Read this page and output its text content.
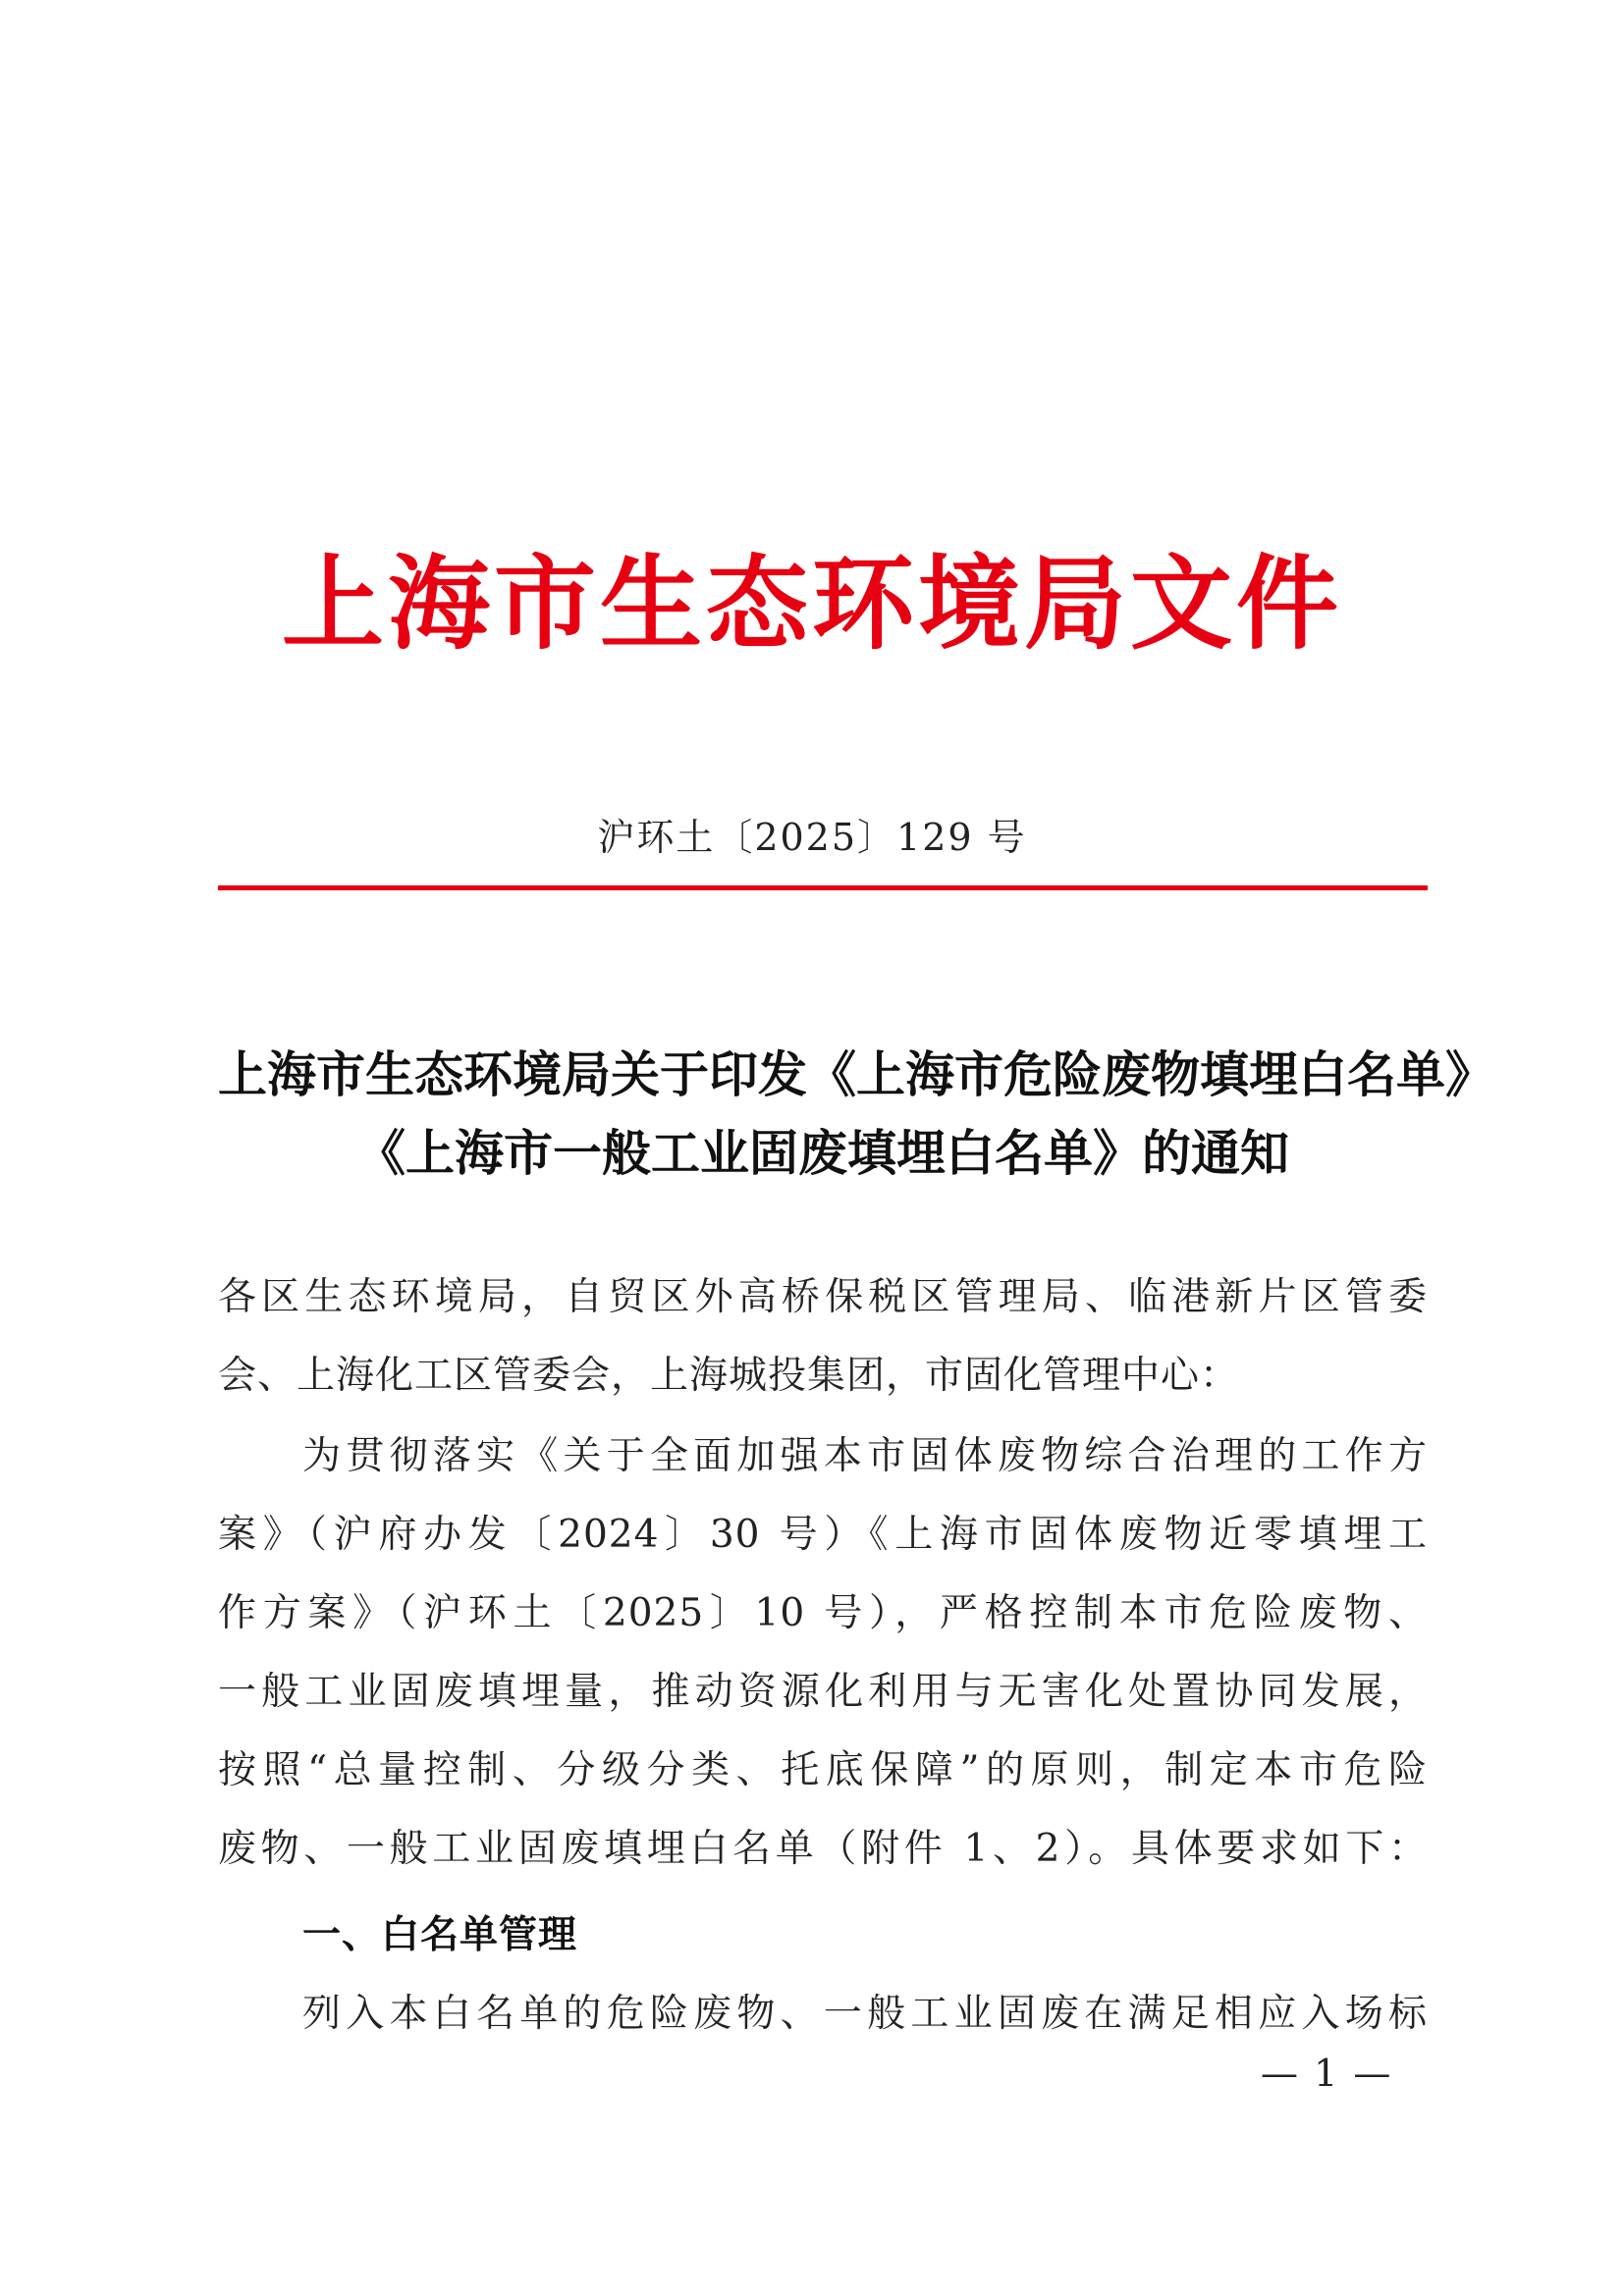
上海市生态环境局文件
沪环土〔2025〕129 号
上海市生态环境局关于印发《上海市危险废物填埋白名单》
《上海市一般工业固废填埋白名单》的通知
各区生态环境局，自贸区外高桥保税区管理局、临港新片区管委
会、上海化工区管委会，上海城投集团，市固化管理中心：
为贯彻落实《关于全面加强本市固体废物综合治理的工作方
案》（沪府办发〔2024〕30 号）《上海市固体废物近零填埋工
作方案》（沪环土〔2025〕10 号），严格控制本市危险废物、
一般工业固废填埋量，推动资源化利用与无害化处置协同发展，
按照“总量控制、分级分类、托底保障”的原则，制定本市危险
废物、一般工业固废填埋白名单（附件 1、2）。具体要求如下：
一、白名单管理
列入本白名单的危险废物、一般工业固废在满足相应入场标
— 1 —
